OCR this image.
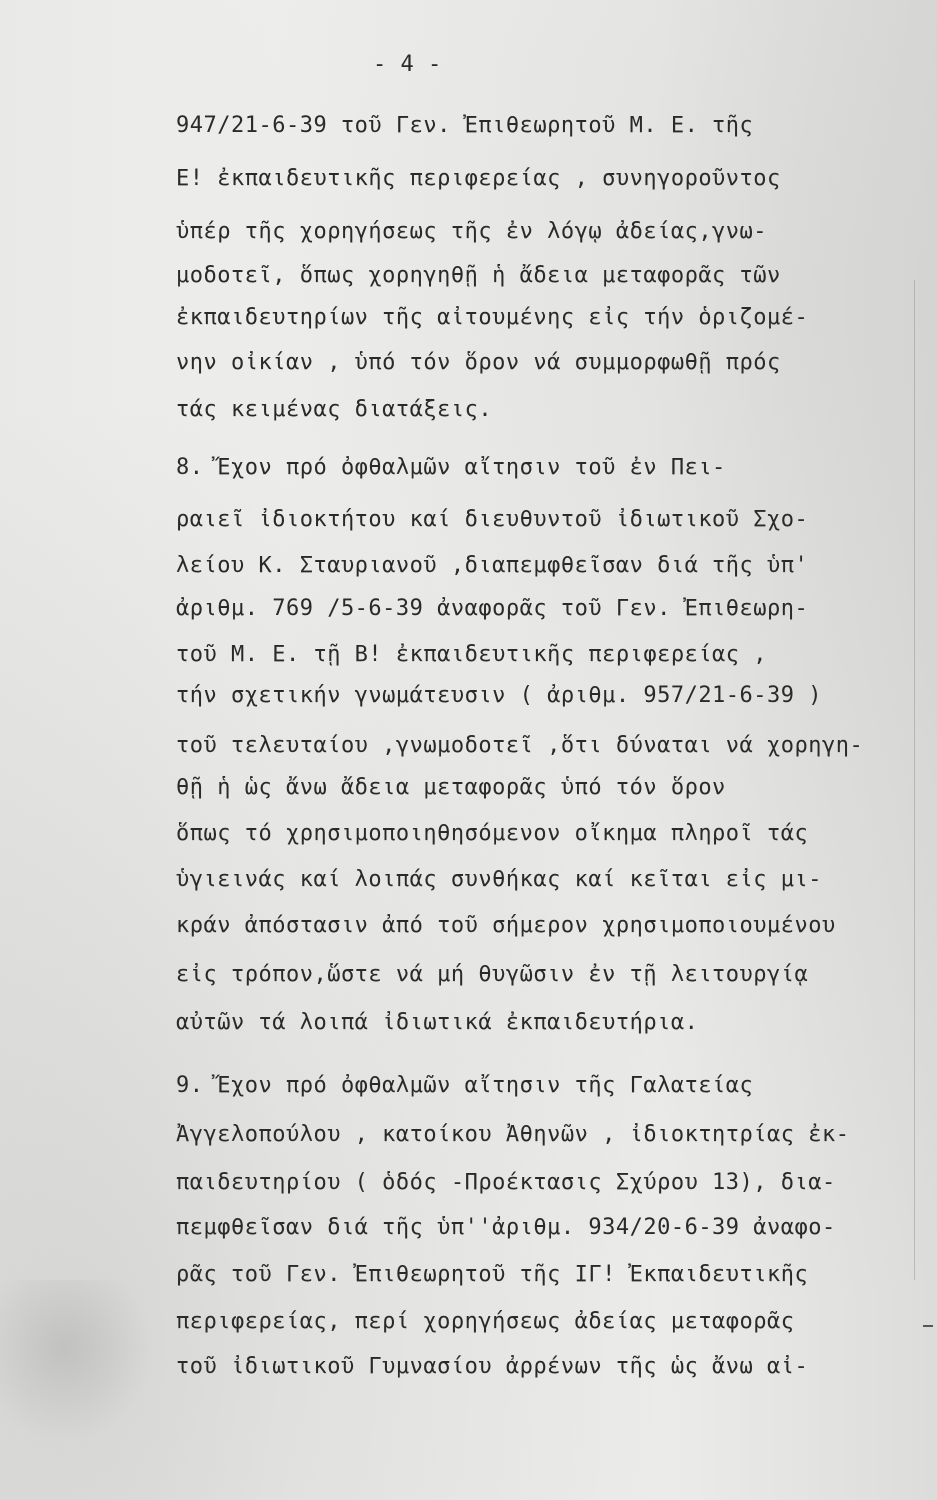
- 4 -
947/21-6-39 τοῦ Γεν. Ἐπιθεωρητοῦ Μ. Ε. τῆς
Ε! ἐκπαιδευτικῆς περιφερείας , συνηγοροῦντος
ὑπέρ τῆς χορηγήσεως τῆς ἐν λόγῳ ἀδείας,γνω-
μοδοτεῖ, ὅπως χορηγηθῇ ἡ ἄδεια μεταφορᾶς τῶν
ἐκπαιδευτηρίων τῆς αἰτουμένης εἰς τήν ὁριζομέ-
νην οἰκίαν , ὑπό τόν ὅρον νά συμμορφωθῇ πρός
τάς κειμένας διατάξεις.
8. Ἔχον πρό ὀφθαλμῶν αἴτησιν τοῦ ἐν Πει-
ραιεῖ ἰδιοκτήτου καί διευθυντοῦ ἰδιωτικοῦ Σχο-
λείου Κ. Σταυριανοῦ ,διαπεμφθεῖσαν διά τῆς ὑπ'
ἀριθμ. 769 /5-6-39 ἀναφορᾶς τοῦ Γεν. Ἐπιθεωρη-
τοῦ Μ. Ε. τῇ Β! ἐκπαιδευτικῆς περιφερείας ,
τήν σχετικήν γνωμάτευσιν ( ἀριθμ. 957/21-6-39 )
τοῦ τελευταίου ,γνωμοδοτεῖ ,ὅτι δύναται νά χορηγη-
θῇ ἡ ὡς ἄνω ἄδεια μεταφορᾶς ὑπό τόν ὅρον
ὅπως τό χρησιμοποιηθησόμενον οἴκημα πληροῖ τάς
ὑγιεινάς καί λοιπάς συνθήκας καί κεῖται εἰς μι-
κράν ἀπόστασιν ἀπό τοῦ σήμερον χρησιμοποιουμένου
εἰς τρόπον,ὥστε νά μή θυγῶσιν ἐν τῇ λειτουργίᾳ
αὐτῶν τά λοιπά ἰδιωτικά ἐκπαιδευτήρια.
9. Ἔχον πρό ὀφθαλμῶν αἴτησιν τῆς Γαλατείας
Ἀγγελοπούλου , κατοίκου Ἀθηνῶν , ἰδιοκτητρίας ἐκ-
παιδευτηρίου ( ὁδός -Προέκτασις Σχύρου 13), δια-
πεμφθεῖσαν διά τῆς ὑπ''ἀριθμ. 934/20-6-39 ἀναφο-
ρᾶς τοῦ Γεν. Ἐπιθεωρητοῦ τῆς ΙΓ! Ἐκπαιδευτικῆς
περιφερείας, περί χορηγήσεως ἀδείας μεταφορᾶς
τοῦ ἰδιωτικοῦ Γυμνασίου ἀρρένων τῆς ὡς ἄνω αἰ-
